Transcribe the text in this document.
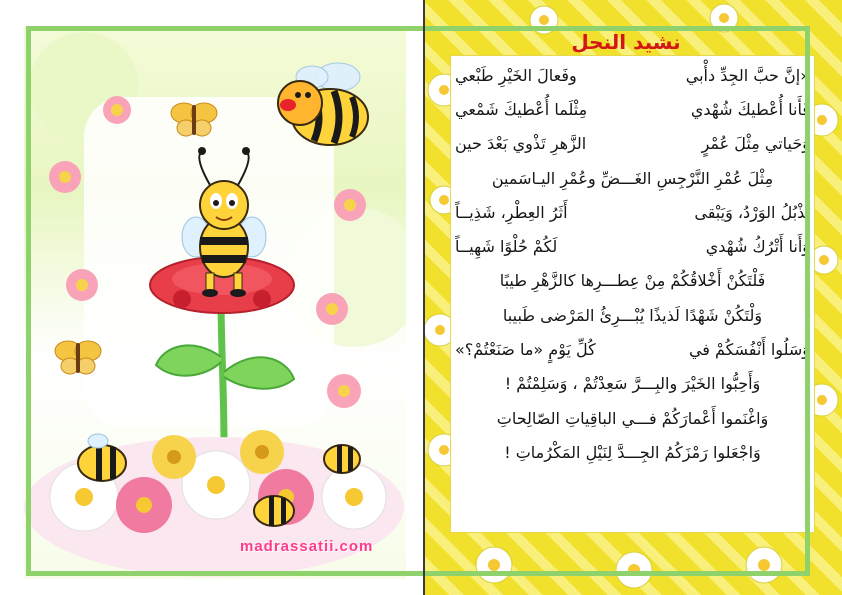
madrassatii.com
نشيد النحل
«إنَّ حبَّ الجِدِّ دأْبي
وفَعالَ الخَيْرِ طَبْعي
فَأَنا أُعْطيكَ شُهْدي
مِثْلَما أُعْطيكَ شَمْعي
وَحَياتي مِثْلَ عُمْرٍ
الزَّهرِ تَذْوي بَعْدَ حين
مِثْلَ عُمْرِ النَّرْجِسِ الغَـــضِّ وعُمْرِ اليـاسَمين
يَذْبُلُ الوَرْدُ، وَيَبْقى
أَثَرُ العِطْرِ، شَذِيــاً
وَأَنا أَتْرُكُ شُهْدي
لَكُمْ حُلْوًا شَهِيــاً
فَلْتَكُنْ أَخْلاقُكُمْ مِنْ عِطـــرِها كالزَّهْرِ طيبًا
وَلْتَكُنْ شَهْدًا لَذيذًا يُبْـــرِئُ المَرْضى طَبيبا
وَسَلُوا أَنْفُسَكُمْ في
كُلِّ يَوْمٍ «ما صَنَعْتُمْ؟»
وَأَحِبُّوا الخَيْرَ والبِـــرَّ سَعِدْتُمْ ، وَسَلِمْتُمْ !
وَاغْنَموا أَعْمارَكُمْ فـــي الباقِياتِ الصّالِحاتِ
وَاجْعَلوا رَمْزَكُمُ الجِـــدَّ لِنَيْلِ المَكْرُماتِ !
